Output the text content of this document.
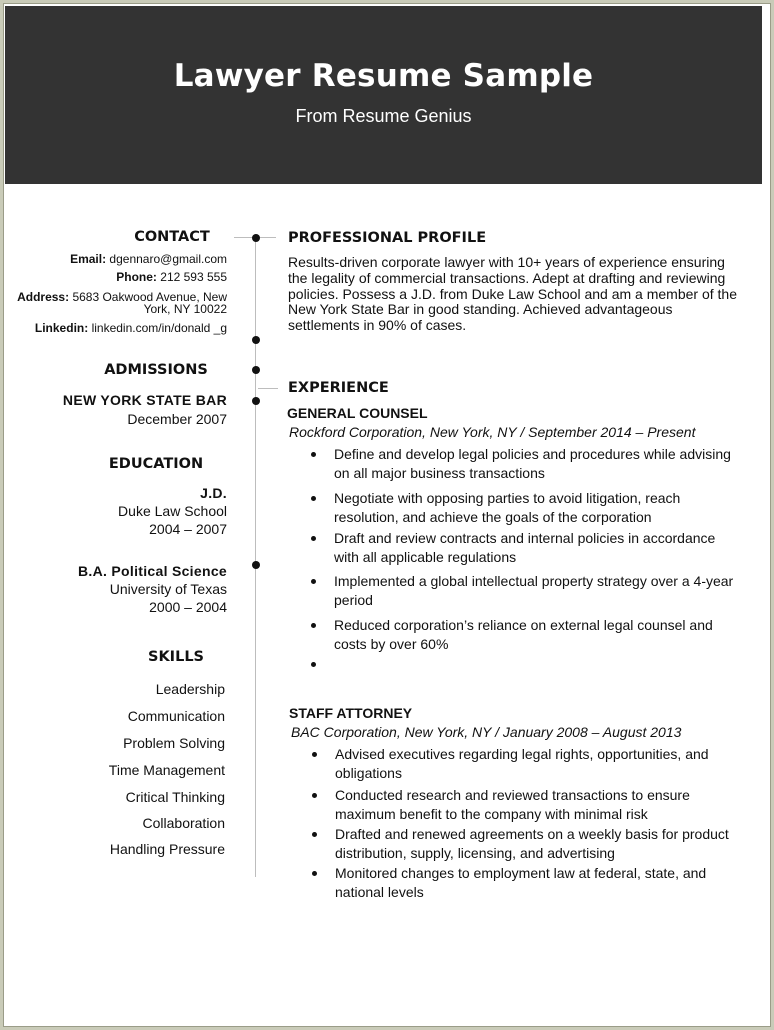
Lawyer Resume Sample
From Resume Genius
CONTACT
Email: dgennaro@gmail.com
Phone: 212 593 555
Address: 5683 Oakwood Avenue, New
York, NY 10022
Linkedin: linkedin.com/in/donald _g
ADMISSIONS
NEW YORK STATE BAR
December 2007
EDUCATION
J.D.
Duke Law School
2004 – 2007
B.A. Political Science
University of Texas
2000 – 2004
SKILLS
Leadership
Communication
Problem Solving
Time Management
Critical Thinking
Collaboration
Handling Pressure
PROFESSIONAL PROFILE
Results-driven corporate lawyer with 10+ years of experience ensuring the legality of commercial transactions. Adept at drafting and reviewing policies. Possess a J.D. from Duke Law School and am a member of the New York State Bar in good standing. Achieved advantageous settlements in 90% of cases.
EXPERIENCE
GENERAL COUNSEL
Rockford Corporation, New York, NY / September 2014 – Present
Define and develop legal policies and procedures while advising on all major business transactions
Negotiate with opposing parties to avoid litigation, reach resolution, and achieve the goals of the corporation
Draft and review contracts and internal policies in accordance with all applicable regulations
Implemented a global intellectual property strategy over a 4-year period
Reduced corporation’s reliance on external legal counsel and costs by over 60%
STAFF ATTORNEY
BAC Corporation, New York, NY / January 2008 – August 2013
Advised executives regarding legal rights, opportunities, and obligations
Conducted research and reviewed transactions to ensure maximum benefit to the company with minimal risk
Drafted and renewed agreements on a weekly basis for product distribution, supply, licensing, and advertising
Monitored changes to employment law at federal, state, and national levels
